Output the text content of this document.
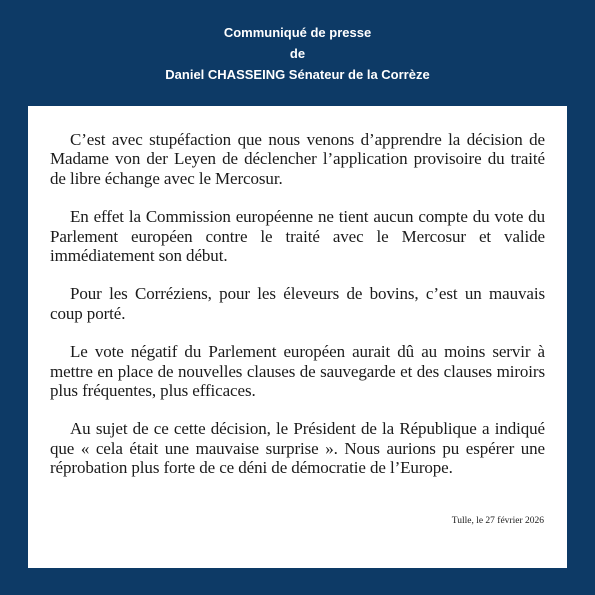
Communiqué de presse
de
Daniel CHASSEING Sénateur de la Corrèze

C’est avec stupéfaction que nous venons d’apprendre la décision de Madame von der Leyen de déclencher l’application provisoire du traité de libre échange avec le Mercosur.

En effet la Commission européenne ne tient aucun compte du vote du Parlement européen contre le traité avec le Mercosur et valide immédiatement son début.

Pour les Corréziens, pour les éleveurs de bovins, c’est un mauvais coup porté.

Le vote négatif du Parlement européen aurait dû au moins servir à mettre en place de nouvelles clauses de sauvegarde et des clauses miroirs plus fréquentes, plus efficaces.

Au sujet de ce cette décision, le Président de la République a indiqué que « cela était une mauvaise surprise ». Nous aurions pu espérer une réprobation plus forte de ce déni de démocratie de l’Europe.

Tulle, le 27 février 2026
